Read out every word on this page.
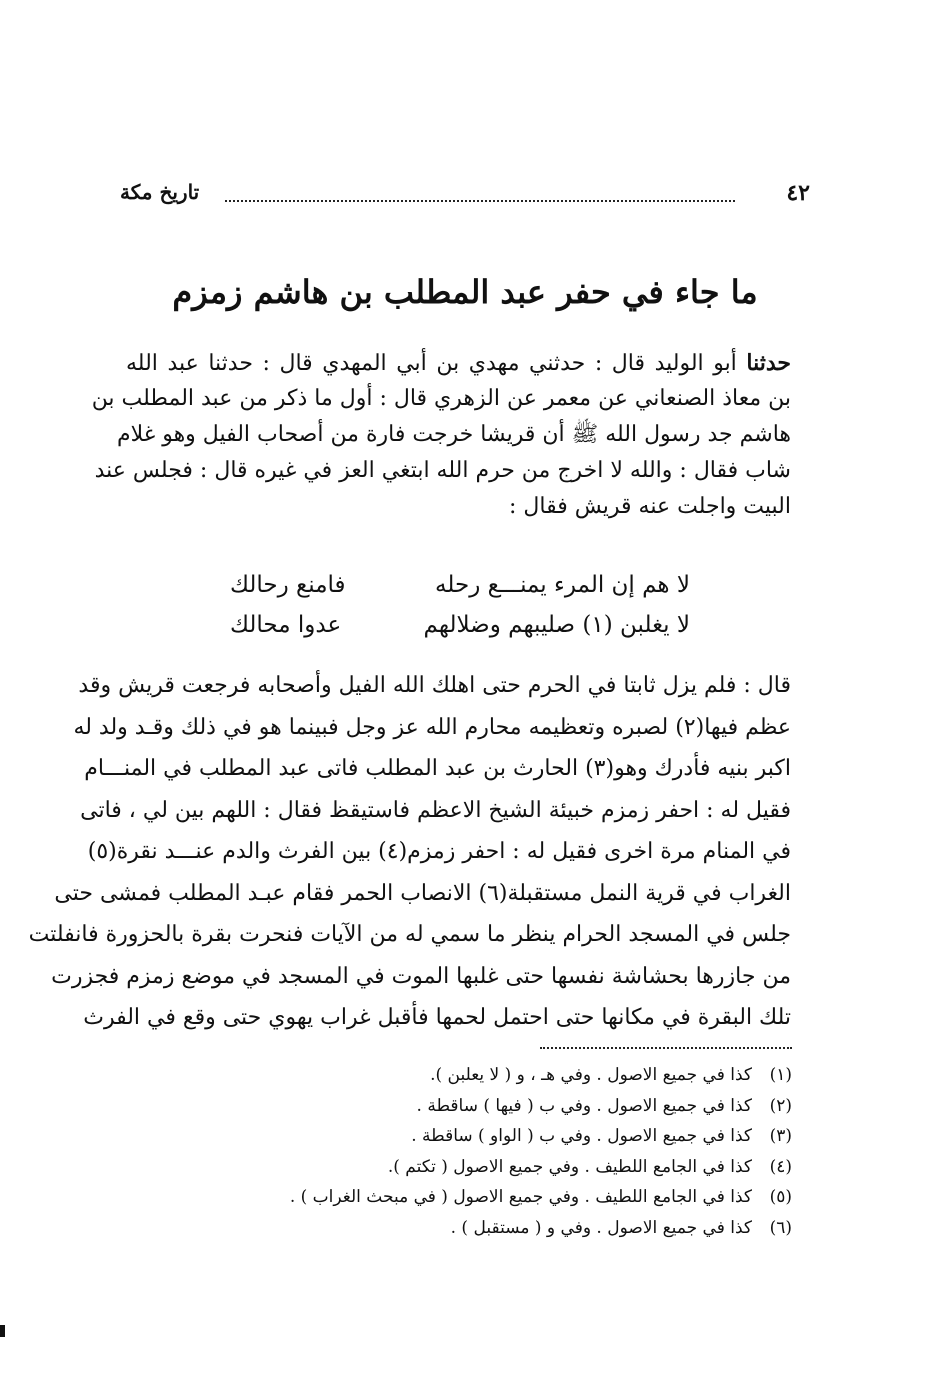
٤٢
تاريخ مكة
ما جاء في حفر عبد المطلب بن هاشم زمزم
حدثنا أبو الوليد قال : حدثني مهدي بن أبي المهدي قال : حدثنا عبد الله
بن معاذ الصنعاني عن معمر عن الزهري قال : أول ما ذكر من عبد المطلب بن
هاشم جد رسول الله ﷺ أن قريشا خرجت فارة من أصحاب الفيل وهو غلام
شاب فقال : والله لا اخرج من حرم الله ابتغي العز في غيره قال : فجلس عند
البيت واجلت عنه قريش فقال :
لا هم إن المرء يمنـــع رحله
فامنع رحالك
لا يغلبن (١) صليبهم وضلالهم
عدوا محالك
قال : فلم يزل ثابتا في الحرم حتى اهلك الله الفيل وأصحابه فرجعت قريش وقد
عظم فيها(٢) لصبره وتعظيمه محارم الله عز وجل فبينما هو في ذلك وقـد ولد له
اكبر بنيه فأدرك وهو(٣) الحارث بن عبد المطلب فاتى عبد المطلب في المنـــام
فقيل له : احفر زمزم خبيئة الشيخ الاعظم فاستيقظ فقال : اللهم بين لي ، فاتى
في المنام مرة اخرى فقيل له : احفر زمزم(٤) بين الفرث والدم عنـــد نقرة(٥)
الغراب في قرية النمل مستقبلة(٦) الانصاب الحمر فقام عبـد المطلب فمشى حتى
جلس في المسجد الحرام ينظر ما سمي له من الآيات فنحرت بقرة بالحزورة فانفلتت
من جازرها بحشاشة نفسها حتى غلبها الموت في المسجد في موضع زمزم فجزرت
تلك البقرة في مكانها حتى احتمل لحمها فأقبل غراب يهوي حتى وقع في الفرث
(١)كذا في جميع الاصول . وفي هـ ، و ( لا يعلبن ).
(٢)كذا في جميع الاصول . وفي ب ( فيها ) ساقطة .
(٣)كذا في جميع الاصول . وفي ب ( الواو ) ساقطة .
(٤)كذا في الجامع اللطيف . وفي جميع الاصول ( تكتم ).
(٥)كذا في الجامع اللطيف . وفي جميع الاصول ( في مبحث الغراب ) .
(٦)كذا في جميع الاصول . وفي و ( مستقبل ) .
